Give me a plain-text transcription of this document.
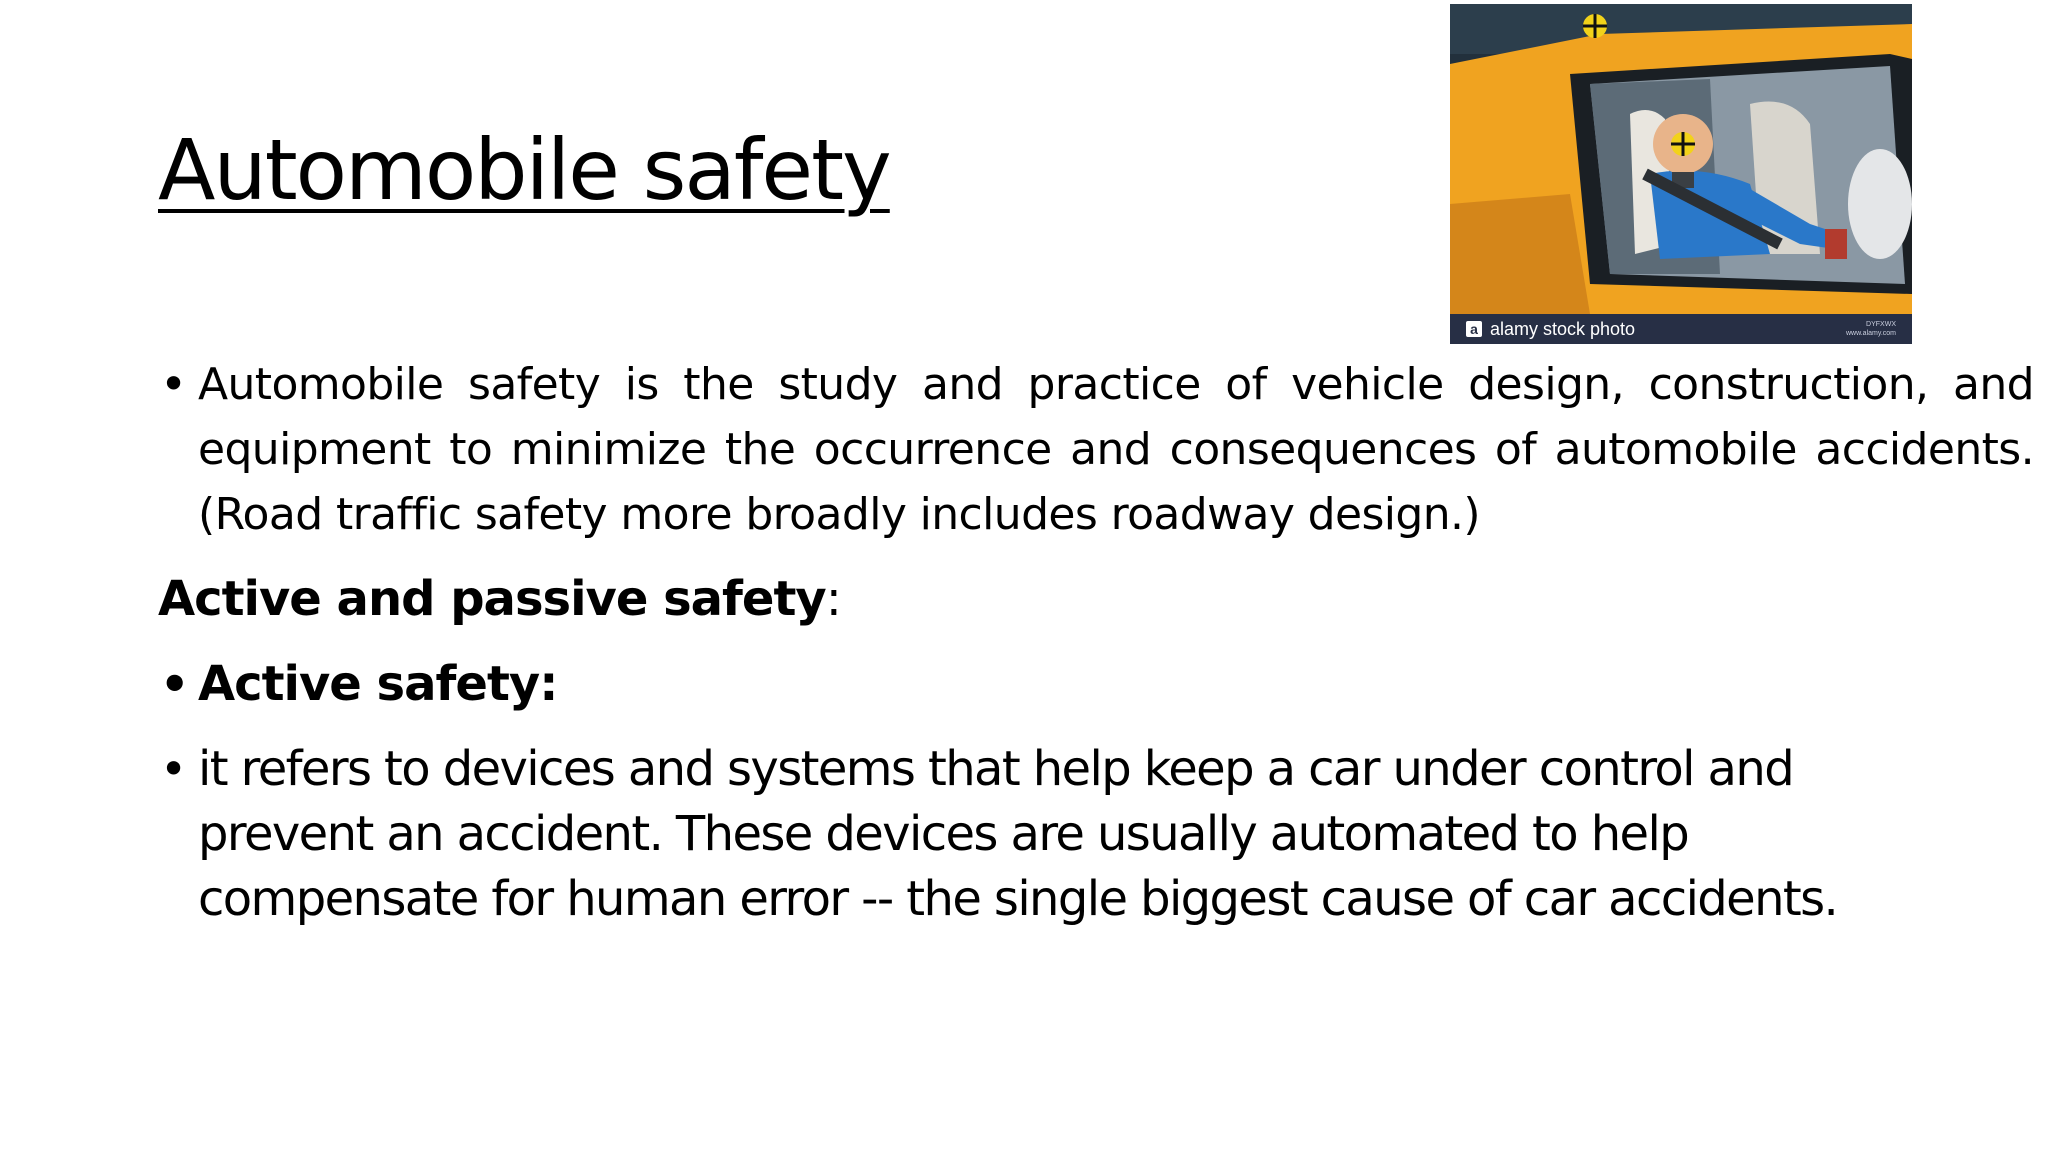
Automobile safety
a alamy stock photo	DYFXWX
www.alamy.com
• Automobile safety is the study and practice of vehicle design, construction, and equipment to minimize the occurrence and consequences of automobile accidents. (Road traffic safety more broadly includes roadway design.)
Active and passive safety:
• Active safety:
• it refers to devices and systems that help keep a car under control and
prevent an accident. These devices are usually automated to help
compensate for human error -- the single biggest cause of car accidents.
